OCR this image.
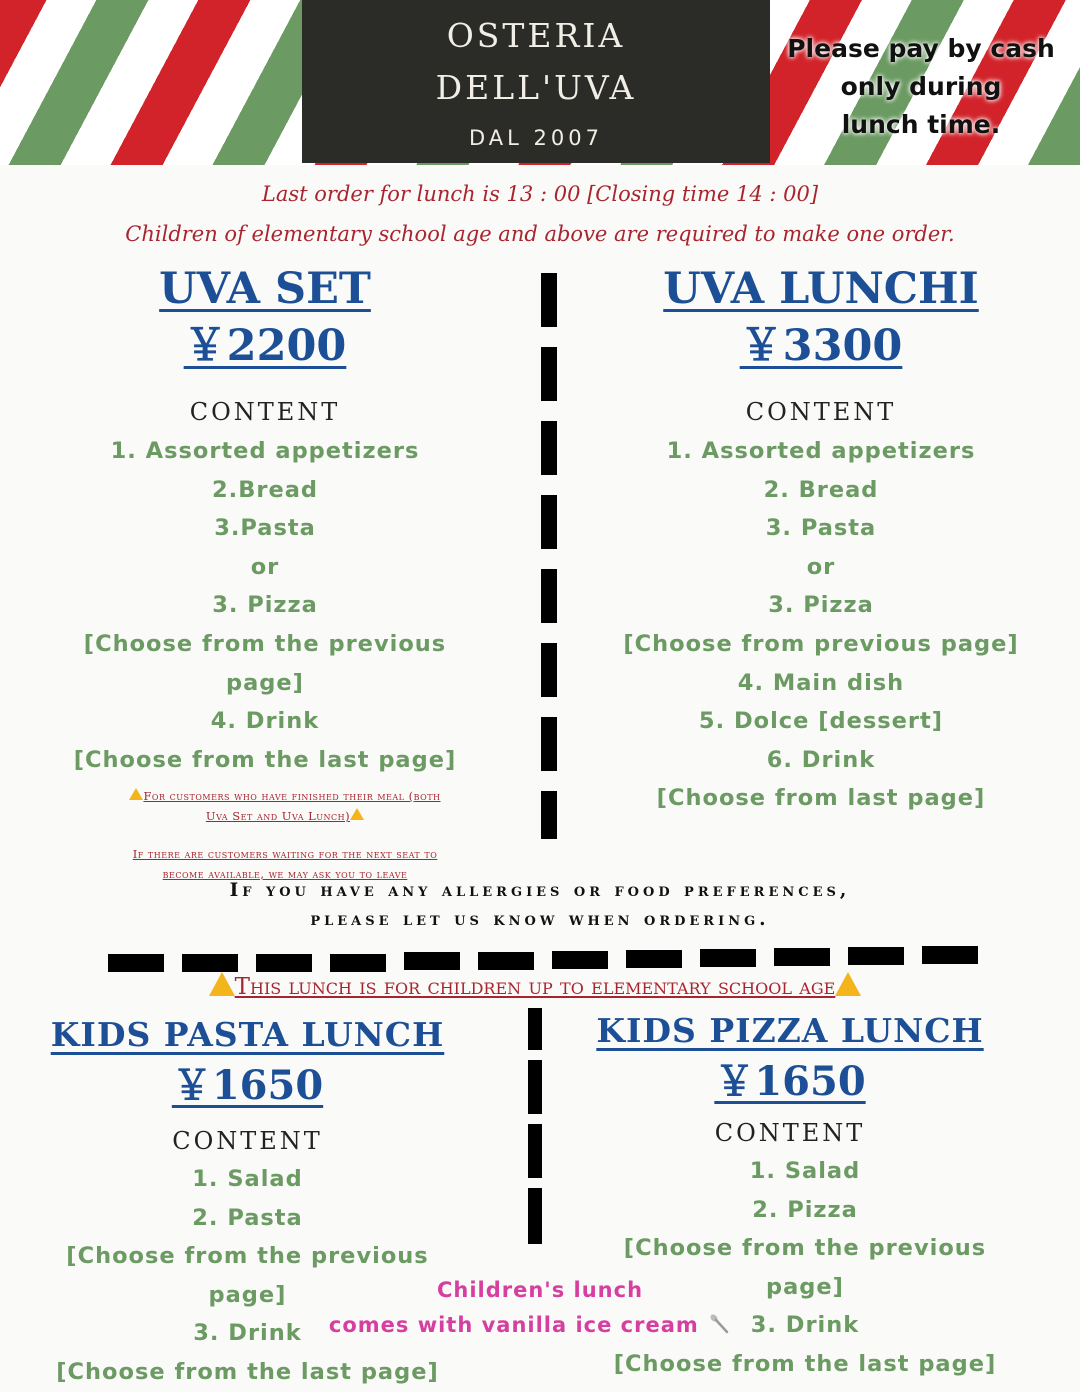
OSTERIA
DELL'UVA
DAL 2007
Please pay by cash
only during
lunch time.
Last order for lunch is 13 : 00 [Closing time 14 : 00]
Children of elementary school age and above are required to make one order.
UVA SET
￥2200
CONTENT
1. Assorted appetizers
2.Bread
3.Pasta
or
3. Pizza
[Choose from the previous
page]
4. Drink
[Choose from the last page]
UVA LUNCHI
￥3300
CONTENT
1. Assorted appetizers
2. Bread
3. Pasta
or
3. Pizza
[Choose from previous page]
4. Main dish
5. Dolce [dessert]
6. Drink
[Choose from last page]
For customers who have finished their meal (both
Uva Set and Uva Lunch)
If there are customers waiting for the next seat to
become available, we may ask you to leave
If you have any allergies or food preferences,
please let us know when ordering.
This lunch is for children up to elementary school age
KIDS PASTA LUNCH
￥1650
CONTENT
1. Salad
2. Pasta
[Choose from the previous
page]
3. Drink
[Choose from the last page]
KIDS PIZZA LUNCH
￥1650
CONTENT
1. Salad
2. Pizza
[Choose from the previous
page]
3. Drink
[Choose from the last page]
Children's lunch
comes with vanilla ice cream
